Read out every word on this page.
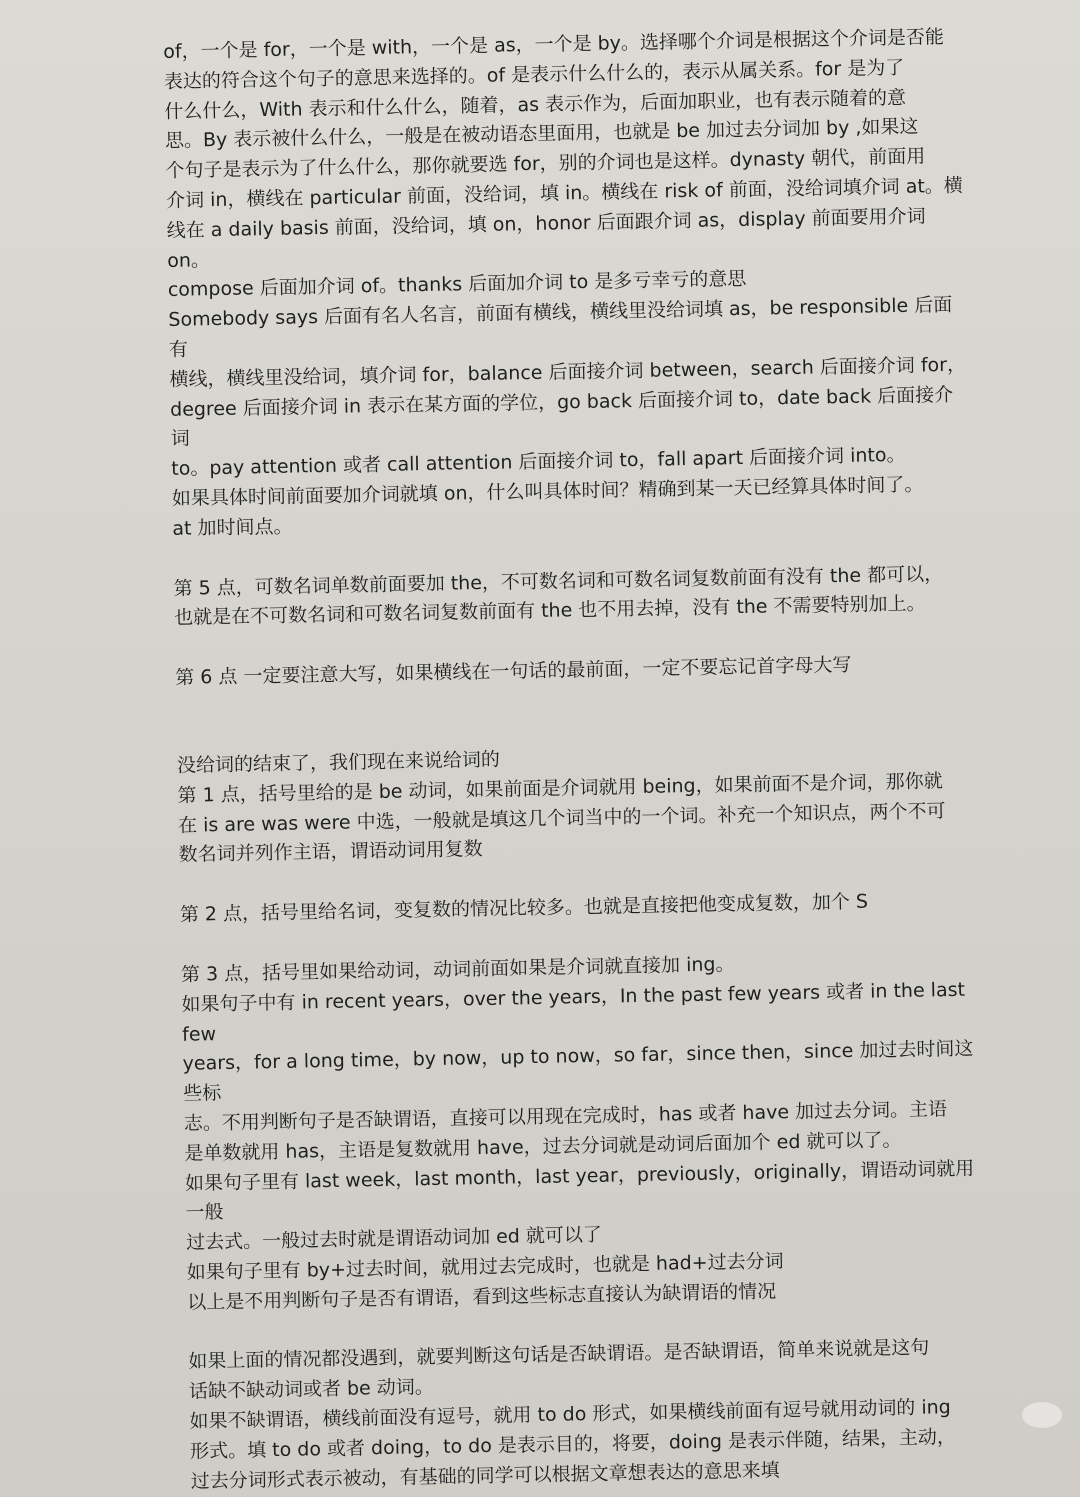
of，一个是 for，一个是 with，一个是 as，一个是 by。选择哪个介词是根据这个介词是否能
表达的符合这个句子的意思来选择的。of 是表示什么什么的，表示从属关系。for 是为了
什么什么，With 表示和什么什么，随着，as 表示作为，后面加职业，也有表示随着的意
思。By 表示被什么什么，一般是在被动语态里面用，也就是 be 加过去分词加 by ,如果这
个句子是表示为了什么什么，那你就要选 for，别的介词也是这样。dynasty 朝代，前面用
介词 in，横线在 particular 前面，没给词，填 in。横线在 risk of 前面，没给词填介词 at。横
线在 a daily basis 前面，没给词，填 on，honor 后面跟介词 as，display 前面要用介词 on。
compose 后面加介词 of。thanks 后面加介词 to 是多亏幸亏的意思
Somebody says 后面有名人名言，前面有横线，横线里没给词填 as，be responsible 后面有
横线，横线里没给词，填介词 for，balance 后面接介词 between，search 后面接介词 for，
degree 后面接介词 in 表示在某方面的学位，go back 后面接介词 to，date back 后面接介词
to。pay attention 或者 call attention 后面接介词 to，fall apart 后面接介词 into。
如果具体时间前面要加介词就填 on，什么叫具体时间？精确到某一天已经算具体时间了。
at 加时间点。

第 5 点，可数名词单数前面要加 the，不可数名词和可数名词复数前面有没有 the 都可以，
也就是在不可数名词和可数名词复数前面有 the 也不用去掉，没有 the 不需要特别加上。

第 6 点 一定要注意大写，如果横线在一句话的最前面，一定不要忘记首字母大写

没给词的结束了，我们现在来说给词的
第 1 点，括号里给的是 be 动词，如果前面是介词就用 being，如果前面不是介词，那你就
在 is are was were 中选，一般就是填这几个词当中的一个词。补充一个知识点，两个不可
数名词并列作主语，谓语动词用复数

第 2 点，括号里给名词，变复数的情况比较多。也就是直接把他变成复数，加个 S

第 3 点，括号里如果给动词，动词前面如果是介词就直接加 ing。
如果句子中有 in recent years，over the years，In the past few years 或者 in the last few
years，for a long time，by now，up to now，so far，since then，since 加过去时间这些标
志。不用判断句子是否缺谓语，直接可以用现在完成时，has 或者 have 加过去分词。主语
是单数就用 has，主语是复数就用 have，过去分词就是动词后面加个 ed 就可以了。
如果句子里有 last week，last month，last year，previously，originally，谓语动词就用一般
过去式。一般过去时就是谓语动词加 ed 就可以了
如果句子里有 by+过去时间，就用过去完成时，也就是 had+过去分词
以上是不用判断句子是否有谓语，看到这些标志直接认为缺谓语的情况

如果上面的情况都没遇到，就要判断这句话是否缺谓语。是否缺谓语，简单来说就是这句
话缺不缺动词或者 be 动词。
如果不缺谓语，横线前面没有逗号，就用 to do 形式，如果横线前面有逗号就用动词的 ing
形式。填 to do 或者 doing，to do 是表示目的，将要，doing 是表示伴随，结果，主动，
过去分词形式表示被动，有基础的同学可以根据文章想表达的意思来填
